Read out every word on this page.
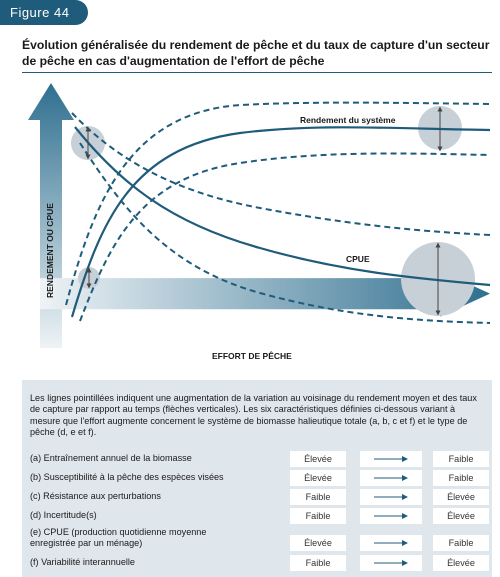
Figure 44
Évolution généralisée du rendement de pêche et du taux de capture d'un secteur de pêche en cas d'augmentation de l'effort de pêche
Rendement du système
CPUE
RENDEMENT OU CPUE
EFFORT DE PÊCHE
Les lignes pointillées indiquent une augmentation de la variation au voisinage du rendement moyen et des taux de capture par rapport au temps (flèches verticales). Les six caractéristiques définies ci-dessous variant à mesure que l'effort augmente concernent le système de biomasse halieutique totale (a, b, c et f) et le type de pêche (d, e et f).
(a) Entraînement annuel de la biomasse	Élevée	Faible
(b) Susceptibilité à la pêche des espèces visées	Élevée	Faible
(c) Résistance aux perturbations	Faible	Élevée
(d) Incertitude(s)	Faible	Élevée
(e) CPUE (production quotidienne moyenne
enregistrée par un ménage)	Élevée	Faible
(f) Variabilité interannuelle	Faible	Élevée
